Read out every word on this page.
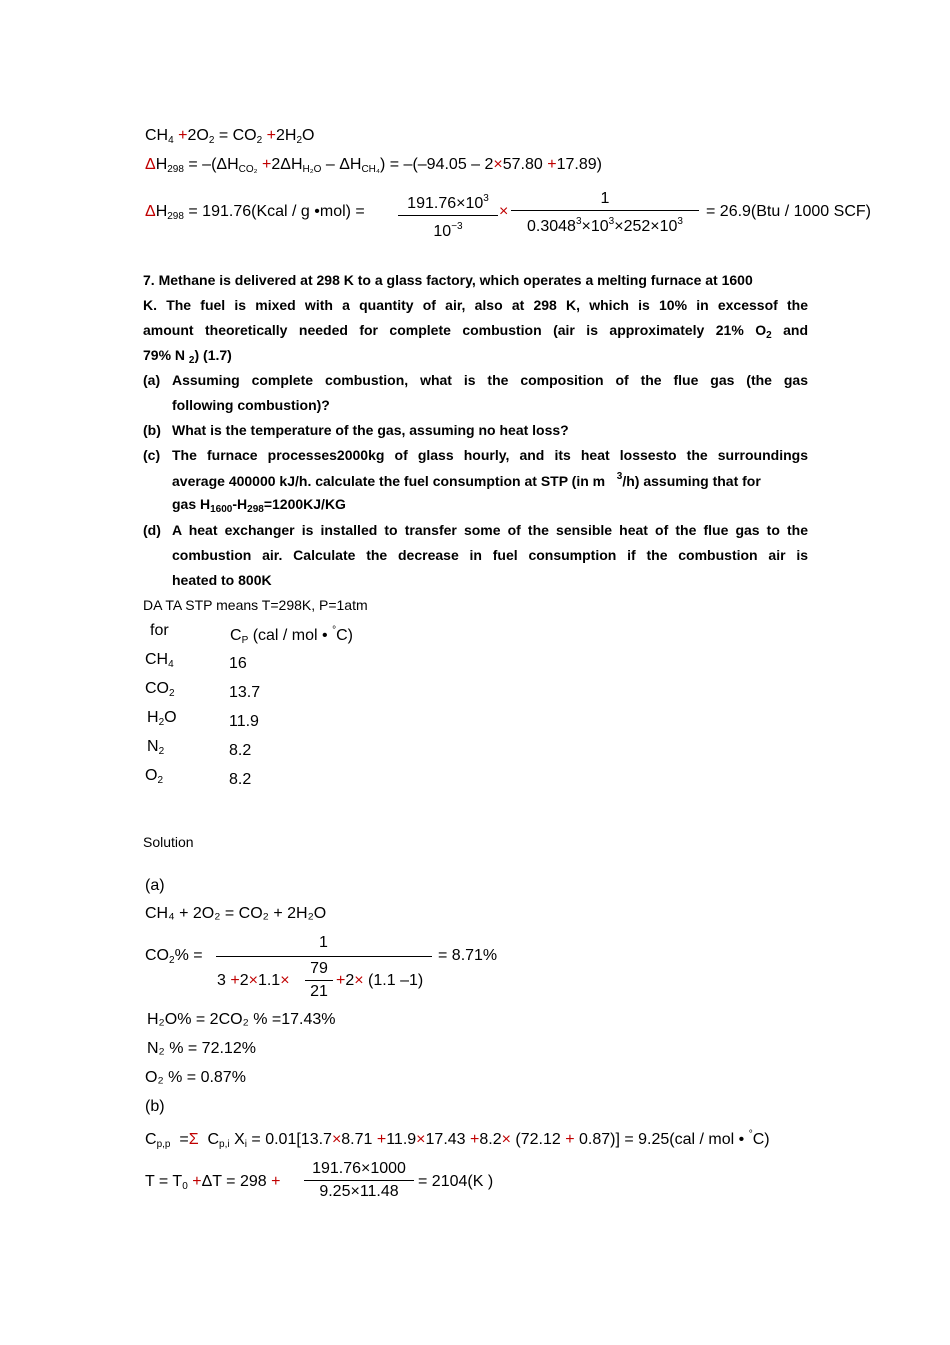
$CH_4 +2O_2 = CO_2 +2H_2O$
$\Delta H_{298} = -(\Delta H_{CO_2} +2\Delta H_{H_2O} - \Delta H_{CH_4}) = -(-94.05 - 2\times 57.80 +17.89)$
$\Delta H_{298}$ = 191.76(Kcal / g •mol) =	$191.76\times 10^3$
$10^{-3}$
×
1
$0.3048^3\times 10^3\times 252\times 10^3$
= 26.9(Btu / 1000 SCF)
7. Methane is delivered at 298 K to a glass factory, which operates a melting furnace at 1600
K. The fuel is mixed with a quantity of air, also at 298 K, which is 10% in excessof the
amount theoretically needed for complete combustion (air is approximately 21% $O_2$ and
79% N $_2$) (1.7)
(a) Assuming complete combustion, what is the composition of the flue gas (the gas
following combustion)?
(b) What is the temperature of the gas, assuming no heat loss?
(c) The furnace processes2000kg of glass hourly, and its heat lossesto the surroundings
average 400000 kJ/h. calculate the fuel consumption at STP (in m $^3$/h) assuming that for
gas $H_{1600}-H_{298}=1200KJ/KG$
(d) A heat exchanger is installed to transfer some of the sensible heat of the flue gas to the
combustion air. Calculate the decrease in fuel consumption if the combustion air is
heated to 800K
DA TA STP means T=298K, P=1atm
for	$C_P$ (cal / mol • °C)
$CH_4$	16
$CO_2$	13.7
$H_2O$	11.9
$N_2$	8.2
$O_2$	8.2
Solution
(a)
CH₄ + 2O₂ = CO₂ + 2H₂O
$CO_2\%$ =
1
3 +2×1.1×
79
21
+2× (1.1 –1)
= 8.71%
H₂O% = 2CO₂ % =17.43%
N₂ % = 72.12%
O₂ % = 0.87%
(b)
$C_{p,p} =\Sigma$ $C_{p,i}$ $X_i = 0.01[13.7\times 8.71 +11.9\times 17.43 +8.2\times (72.12 + 0.87)] = 9.25(cal$ / mol • °C)
$T = T_0 +\Delta T = 298$ +
191.76×1000
9.25×11.48
= 2104(K )
